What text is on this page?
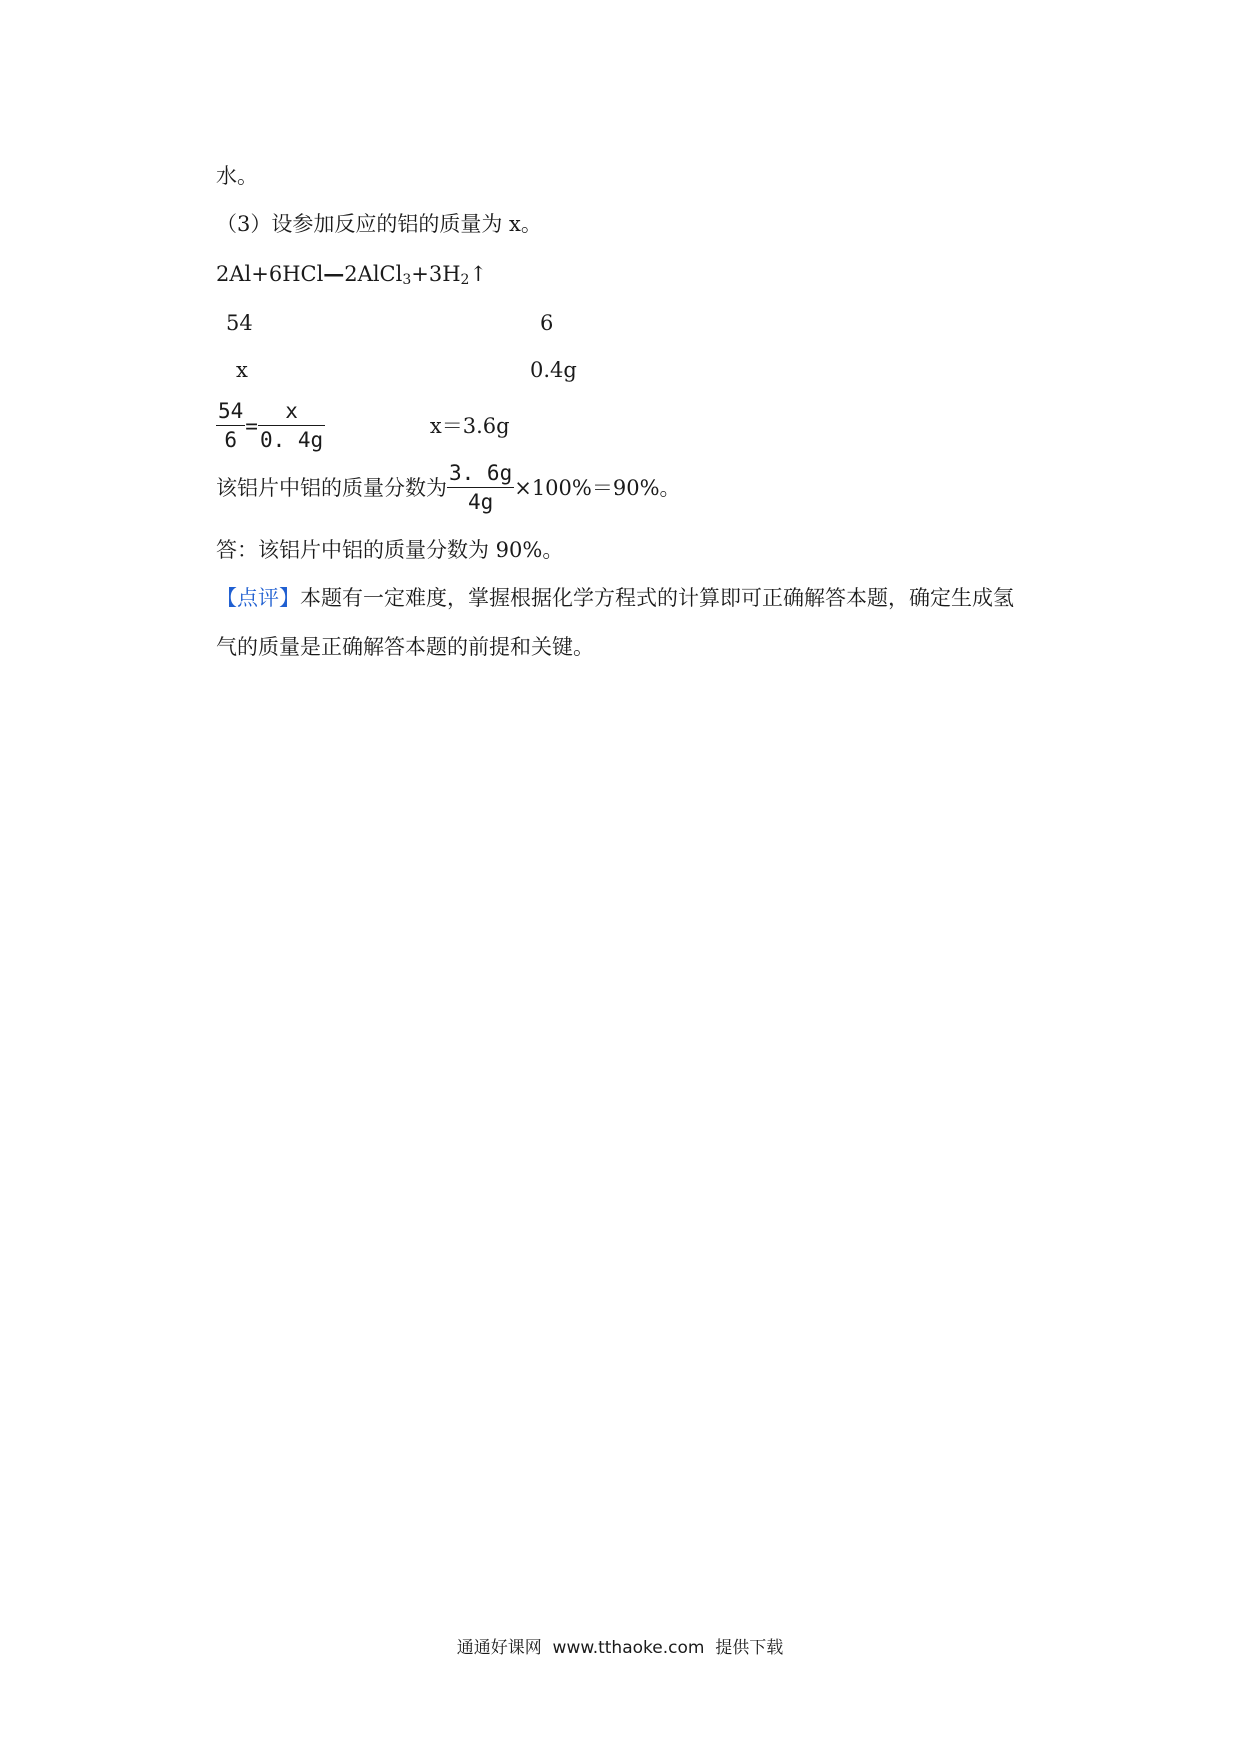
水。
（3）设参加反应的铝的质量为 x。
$2Al+6HCl—2AlCl_3+3H_2↑$
54	6
x	0.4g
$\frac{54}{6} = \frac{x}{0. 4g}$	x＝3.6g
该铝片中铝的质量分数为 $\frac{3. 6g}{4g} \times 100\%=90\%$。
答：该铝片中铝的质量分数为 90%。
【点评】本题有一定难度，掌握根据化学方程式的计算即可正确解答本题，确定生成氢
气的质量是正确解答本题的前提和关键。
通通好课网  www.tthaoke.com  提供下载
